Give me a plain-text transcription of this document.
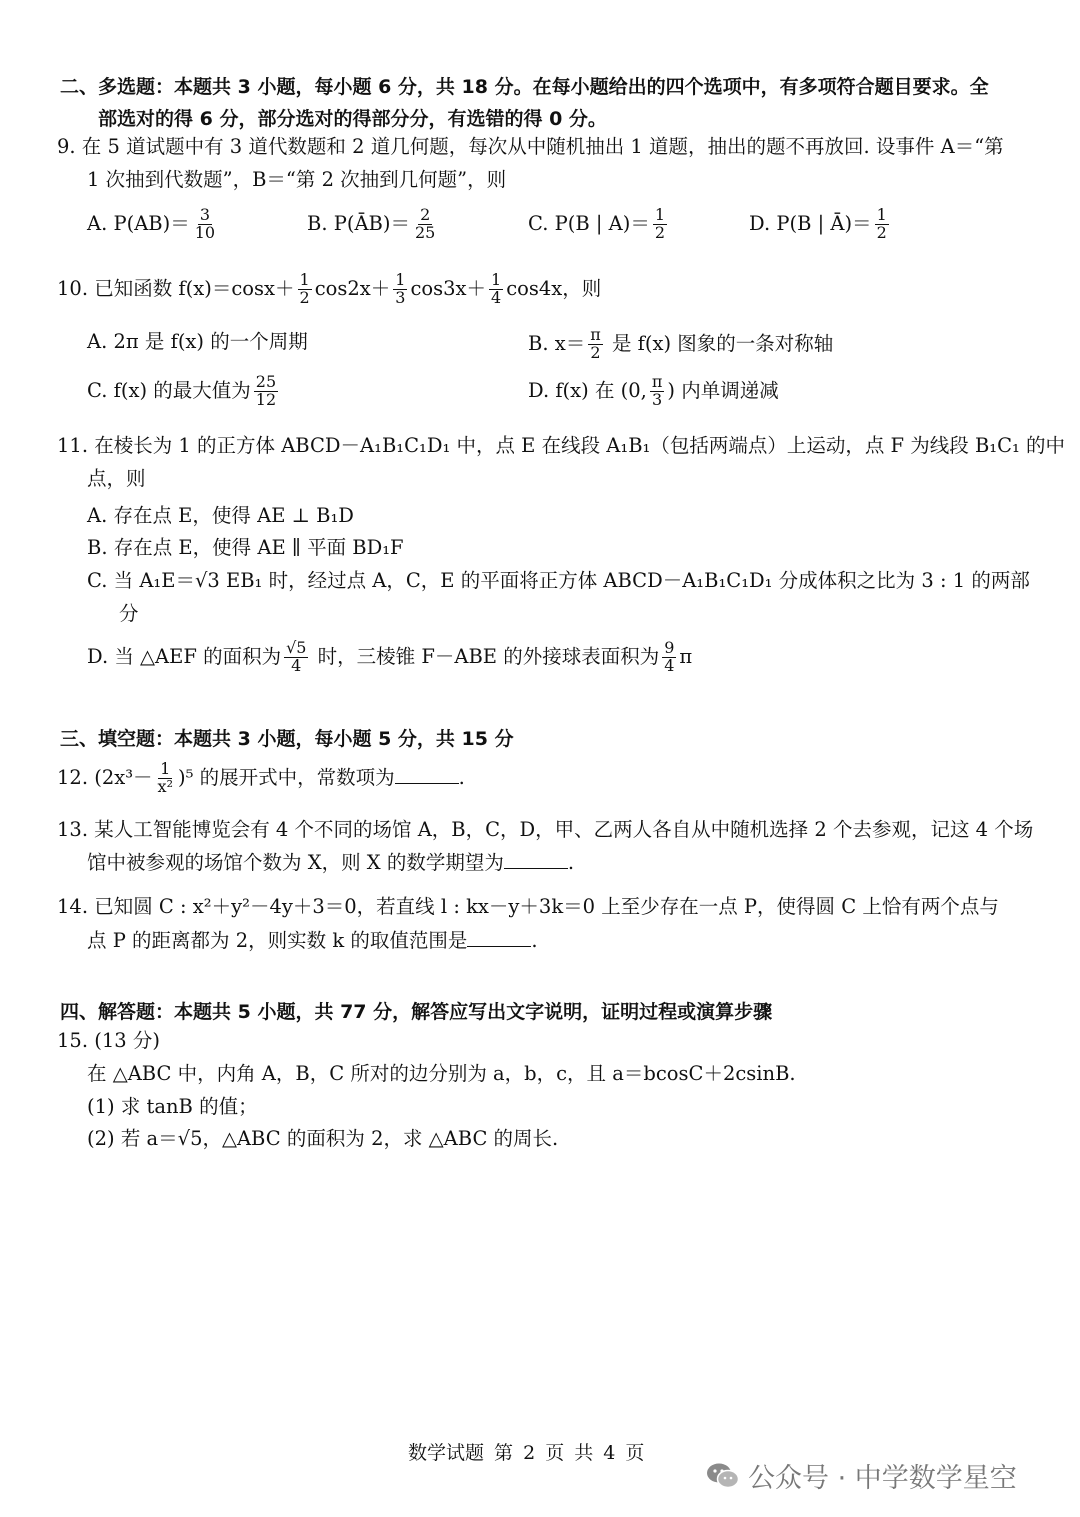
二、多选题：本题共 3 小题，每小题 6 分，共 18 分。在每小题给出的四个选项中，有多项符合题目要求。全
部选对的得 6 分，部分选对的得部分分，有选错的得 0 分。
9. 在 5 道试题中有 3 道代数题和 2 道几何题，每次从中随机抽出 1 道题，抽出的题不再放回. 设事件 A＝“第
1 次抽到代数题”，B＝“第 2 次抽到几何题”，则
A. $P(AB)= \frac{3}{10}$	B. P(ĀB)＝ $\frac{2}{25}$	C. P(B | $A)= \frac{1}{2}$	D. P(B | Ā)＝ $\frac{1}{2}$
10. 已知函数 $f(x)=\cos x+ \frac{1}{2} \cos 2x+ \frac{1}{3} \cos 3x+ \frac{1}{4} \cos 4x$，则
A. 2π 是 f(x) 的一个周期	B. $x= \frac{\pi}{2}$ 是 f(x) 图象的一条对称轴
C. f(x) 的最大值为 $\frac{25}{12}$	D. f(x) 在 (0, $\frac{\pi}{3}$ ) 内单调递减
11. 在棱长为 1 的正方体 ABCD－A₁B₁C₁D₁ 中，点 E 在线段 A₁B₁（包括两端点）上运动，点 F 为线段 B₁C₁ 的中
点，则
A. 存在点 E，使得 AE ⊥ B₁D
B. 存在点 E，使得 AE ∥ 平面 BD₁F
C. 当 A₁E＝√3 EB₁ 时，经过点 A，C，E 的平面将正方体 ABCD－A₁B₁C₁D₁ 分成体积之比为 3 : 1 的两部
分
D. 当 △AEF 的面积为 $\frac{√5}{4}$ 时，三棱锥 F－ABE 的外接球表面积为 $\frac{9}{4}$ π
三、填空题：本题共 3 小题，每小题 5 分，共 15 分
12. $(2x^3- \frac{1}{\text{x²}} )^5$ 的展开式中，常数项为	.
13. 某人工智能博览会有 4 个不同的场馆 A，B，C，D，甲、乙两人各自从中随机选择 2 个去参观，记这 4 个场
馆中被参观的场馆个数为 X，则 X 的数学期望为	.
14. 已知圆 C : x²＋y²－4y＋3＝0，若直线 l : kx－y＋3k＝0 上至少存在一点 P，使得圆 C 上恰有两个点与
点 P 的距离都为 2，则实数 k 的取值范围是	.
四、解答题：本题共 5 小题，共 77 分，解答应写出文字说明，证明过程或演算步骤
15. (13 分)
在 △ABC 中，内角 A，B，C 所对的边分别为 a，b，c，且 a＝bcosC＋2csinB.
(1) 求 tanB 的值；
(2) 若 a＝√5，△ABC 的面积为 2，求 △ABC 的周长.
数学试题 第 2 页 共 4 页
公众号 · 中学数学星空
